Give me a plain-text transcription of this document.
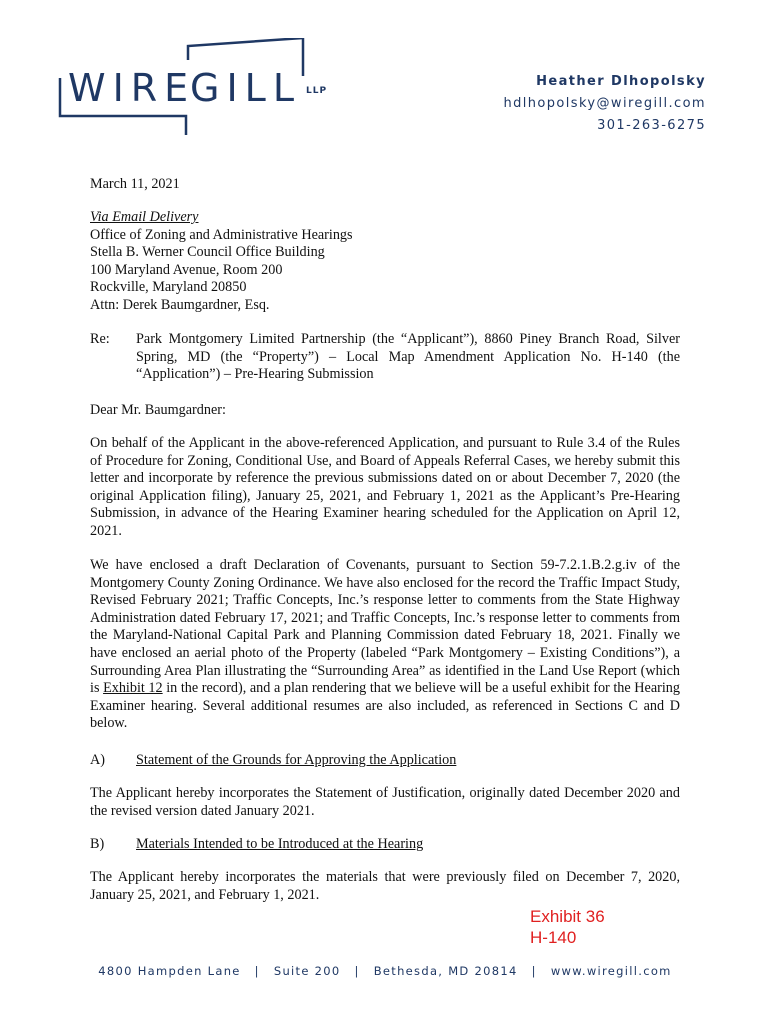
WIRE
GILL LLP
Heather Dlhopolsky
hdlhopolsky@wiregill.com
301-263-6275
March 11, 2021
Via Email Delivery
Office of Zoning and Administrative Hearings
Stella B. Werner Council Office Building
100 Maryland Avenue, Room 200
Rockville, Maryland 20850
Attn: Derek Baumgardner, Esq.
Re: Park Montgomery Limited Partnership (the “Applicant”), 8860 Piney Branch Road, Silver Spring, MD (the “Property”) – Local Map Amendment Application No. H-140 (the “Application”) – Pre-Hearing Submission
Dear Mr. Baumgardner:
On behalf of the Applicant in the above-referenced Application, and pursuant to Rule 3.4 of the Rules of Procedure for Zoning, Conditional Use, and Board of Appeals Referral Cases, we hereby submit this letter and incorporate by reference the previous submissions dated on or about December 7, 2020 (the original Application filing), January 25, 2021, and February 1, 2021 as the Applicant’s Pre-Hearing Submission, in advance of the Hearing Examiner hearing scheduled for the Application on April 12, 2021.
We have enclosed a draft Declaration of Covenants, pursuant to Section 59-7.2.1.B.2.g.iv of the Montgomery County Zoning Ordinance. We have also enclosed for the record the Traffic Impact Study, Revised February 2021; Traffic Concepts, Inc.’s response letter to comments from the State Highway Administration dated February 17, 2021; and Traffic Concepts, Inc.’s response letter to comments from the Maryland-National Capital Park and Planning Commission dated February 18, 2021. Finally we have enclosed an aerial photo of the Property (labeled “Park Montgomery – Existing Conditions”), a Surrounding Area Plan illustrating the “Surrounding Area” as identified in the Land Use Report (which is Exhibit 12 in the record), and a plan rendering that we believe will be a useful exhibit for the Hearing Examiner hearing. Several additional resumes are also included, as referenced in Sections C and D below.
A) Statement of the Grounds for Approving the Application
The Applicant hereby incorporates the Statement of Justification, originally dated December 2020 and the revised version dated January 2021.
B) Materials Intended to be Introduced at the Hearing
The Applicant hereby incorporates the materials that were previously filed on December 7, 2020, January 25, 2021, and February 1, 2021.
Exhibit 36
H-140
4800 Hampden Lane | Suite 200 | Bethesda, MD 20814 | www.wiregill.com
